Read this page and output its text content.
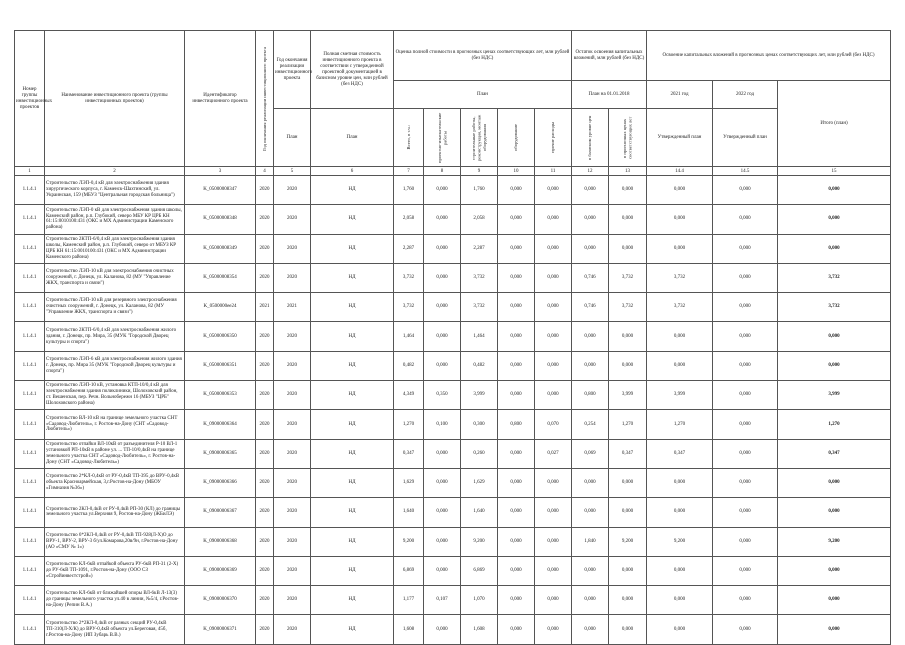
Номер группы инвестиционных проектов	Наименование инвестиционного проекта (группы инвестиционных проектов)	Идентификатор инвестиционного проекта	Год окончания реализации инвестиционного проекта	Год окончания реализации инвестиционного проекта	Полная сметная стоимость инвестиционного проекта в соответствии с утвержденной проектной документацией в базисном уровне цен, млн рублей (без НДС)	Оценка полной стоимости в прогнозных ценах соответствующих лет, млн рублей (без НДС)					Остаток освоения капитальных вложений, млн рублей (без НДС)		Освоение капитальных вложений в прогнозных ценах соответствующих лет, млн рублей (без НДС)		
						План					План на 01.01.2018		2021 год	2022 год	Итого (план)
				План	План	Всего, в т.ч.:	проектно-изыскательские работы	строительные работы, реконструкция, монтаж оборудования	оборудование	прочие расходы	в базисном уровне цен	в прогнозных ценах соответствующих лет	Утвержденный план	Утвержденный план	
1	2	3	4	5	6	7	8	9	10	11	12	13	14.4	14.5	15
1.1.4.1	Строительство ЛЭП-0,4 кВ для электроснабжения здания хирургического корпуса, г. Каменск-Шахтинский, ул. Украинская, 159 (МБУЗ "Центральная городская больница")	K_05000008347	2020	2020	НД	1,760	0,000	1,760	0,000	0,000	0,000	0,000	0,000	0,000	0,000
1.1.4.1	Строительство ЛЭП-0 кВ для электроснабжения здания школы, Каменский район, р.п. Глубокий, северо МБУ КР ЦРБ КН 61:15:0010100:431 (ОКС и МХ Администрации Каменского района)	K_05000008348	2020	2020	НД	2,058	0,000	2,058	0,000	0,000	0,000	0,000	0,000	0,000	0,000
1.1.4.1	Строительство 2КТП-6/0,4 кВ для электроснабжения здания школы, Каменский район, р.п. Глубокий, северо от МБУЗ КР ЦРБ КН 61:15:0010100:431 (ОКС и МХ Администрации Каменского района)	K_05000008349	2020	2020	НД	2,287	0,000	2,287	0,000	0,000	0,000	0,000	0,000	0,000	0,000
1.1.4.1	Строительство ЛЭП-10 кВ для электроснабжения очистных сооружений, г. Донецк, ул. Каланова, 82 (МУ "Управление ЖКХ, транспорта и связи")	K_05000008354	2020	2020	НД	3,732	0,000	3,732	0,000	0,000	0,746	3,732	3,732	0,000	3,732
1.1.4.1	Строительство ЛЭП-10 кВ для резервного электроснабжения очистных сооружений, г. Донецк, ул. Каланова, 82 (МУ "Управление ЖКХ, транспорта и связи")	K_0500000ee24	2021	2021	НД	3,732	0,000	3,732	0,000	0,000	0,746	3,732	3,732	0,000	3,732
1.1.4.1	Строительство 2КТП-6/0,4 кВ для электроснабжения жилого здания, г. Донецк, пр. Мира, 35 (МУК "Городской Дворец культуры и спорта")	K_05000006350	2020	2020	НД	1,464	0,000	1,464	0,000	0,000	0,000	0,000	0,000	0,000	0,000
1.1.4.1	Строительство ЛЭП-6 кВ для электроснабжения жилого здания г. Донецк, пр. Мира 35 (МУК "Городской Дворец культуры и спорта")	K_05000006351	2020	2020	НД	0,482	0,000	0,482	0,000	0,000	0,000	0,000	0,000	0,000	0,000
1.1.4.1	Строительство ЛЭП-10 кВ, установка КТП-10/0,4 кВ для электроснабжения здания поликлиники, Шолоховский район, ст. Вешенская, пер. Речн. Вольнобережн 16 (МБУЗ "ЦРБ" Шолоховского района)	K_05000006353	2020	2020	НД	4,349	0,350	3,999	0,000	0,000	0,800	3,999	3,999	0,000	3,999
1.1.4.1	Строительство ВЛ-10 кВ на границе земельного участка СНТ «Садовод-Любитель», г. Ростов-на-Дону (СНТ «Садовод-Любитель»)	K_09000006364	2020	2020	НД	1,270	0,100	0,300	0,800	0,070	0,254	1,270	1,270	0,000	1,270
1.1.4.1	Строительство отпайки ВЛ-10кВ от разъединителя Р-10 ВЛ-1 установкой РП-10кВ в районе ул. ... ТП-10/0,4кВ на границе земельного участка СНТ «Садовод-Любитель», г. Ростов-на-Дону (СНТ «Садовод-Любитель»)	K_09000006365	2020	2020	НД	0,347	0,000	0,260	0,000	0,027	0,069	0,347	0,347	0,000	0,347
1.1.4.1	Строительство 2*КЛ-0,4кВ от РУ-0,4кВ ТП-395 до ВРУ-0,4кВ объекта Красноармейская, 3,г.Ростов-на-Дону (МБОУ «Гимназия №36»)	K_09000006366	2020	2020	НД	1,629	0,000	1,629	0,000	0,000	0,000	0,000	0,000	0,000	0,000
1.1.4.1	Строительство 2КЛ-0,4кВ от РУ-0,4кВ РП-30 (КЛ) до границы земельного участка ул.Верхняя 9, Ростов-на-Дону (ЖБиЛЭ)	K_09000006367	2020	2020	НД	1,640	0,000	1,640	0,000	0,000	0,000	0,000	0,000	0,000	0,000
1.1.4.1	Строительство 6*2КЛ-0,4кВ от РУ-0,4кВ ТП-928(Л-Х)О до ВРУ-1, ВРУ-2, ВРУ-3 б/ул.Комарова,20в/9н, г.Ростов-на-Дону (АО «СМУ № 1»)	K_09000006368	2020	2020	НД	9,200	0,000	9,200	0,000	0,000	1,840	9,200	9,200	0,000	9,200
1.1.4.1	Строительство КЛ-6кВ отпайкой объекта РУ-6кВ РП-31 (2-Х) до РУ-6кВ ТП-1091, г.Ростов-на-Дону (ООО СЗ «Стройинвестстрой»)	K_09000006369	2020	2020	НД	6,869	0,000	6,869	0,000	0,000	0,000	0,000	0,000	0,000	0,000
1.1.4.1	Строительство КЛ-6кВ от ближайшей опоры ВЛ-6кВ Л-13(3) до границы земельного участка ул.40 в линии, №5/4, г.Ростов-на-Дону (Репин В.А.)	K_09000006370	2020	2020	НД	1,177	0,107	1,070	0,000	0,000	0,000	0,000	0,000	0,000	0,000
1.1.4.1	Строительство 2*2КЛ-0,4кВ от разных секций РУ-0,4кВ ТП-310(Л-Х/К) до ВРУ-0,4кВ объекта ул.Береговая, 45б, г.Ростов-на-Дону (ИП Зубарь В.В.)	K_09000006371	2020	2020	НД	1,608	0,000	1,608	0,000	0,000	0,000	0,000	0,000	0,000	0,000
